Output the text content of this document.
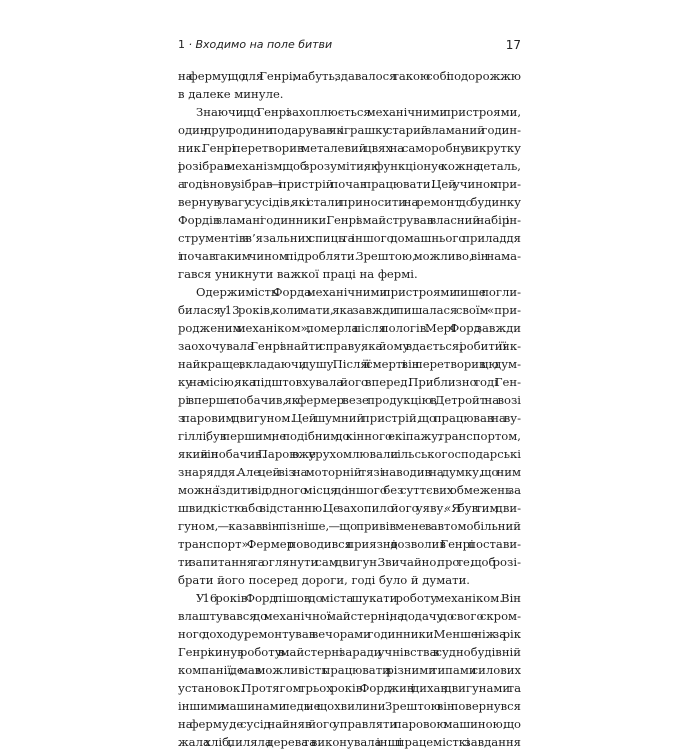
1 · Входимо на поле битви	17
на ферму, що для Генрі, мабуть, здавалося такою собі подорожжю
в далеке минуле.
Знаючи, що Генрі захоплюється механічними пристроями,
один друг родини подарував як іграшку старий зламаний годин-
ник. Генрі перетворив металевий цвях на саморобну викрутку
і розібрав механізм, щоб зрозуміти, як функціонує кожна деталь,
а тоді знову зібрав — і пристрій почав працювати. Цей учинок при-
вернув увагу сусідів, які стали приносити на ремонт до будинку
Фордів зламані годинники. Генрі змайстрував власний набір ін-
струментів з в’язальних спиць та іншого домашнього приладдя
і почав таким чином підробляти. Зрештою, можливо, він нама-
гався уникнути важкої праці на фермі.
Одержимість Форда механічними пристроями лише погли-
билася у 13 років, коли мати, яка завжди пишалася своїм «при-
родженим механіком», померла після пологів. Мері Форд завжди
заохочувала Генрі знайти справу, яка йому вдається, і робити її як-
найкраще, вкладаючи душу. Після її смерті він перетворив цю дум-
ку на місію, яка підштовхувала його вперед. Приблизно тоді Ген-
рі вперше побачив, як фермер везе продукцію в Детройт на возі
з паровим двигуном. Цей шумний пристрій, що працював на ву-
гіллі, був першим, не подібним до кінного екіпажу, транспортом,
який він побачив. Парою вже урухомлювали сільськогосподарські
знаряддя. Але цей віз на моторній тязі наводив на думку, що ним
можна їздити від одного місця до іншого без суттєвих обмежень за
швидкістю або відстанню. Це захопило його уяву. «Я був тим дви-
гуном, — казав він пізніше, — що привів мене в автомобільний
транспорт». Фермер поводився приязно і дозволив Генрі постави-
ти запитання та оглянути сам двигун. Звичайно, про те, щоб розі-
брати його посеред дороги, годі було й думати.
У 16 років Форд пішов до міста шукати роботу механіком. Він
влаштувався до механічної майстерні і, на додачу до свого скром-
ного доходу, ремонтував вечорами годинники. Менше ніж за рік
Генрі кинув роботу в майстерні заради учнівства в суднобудівній
компанії, де мав можливість працювати з різними типами силових
установок. Протягом трьох років Форд жив і дихав двигунами та
іншими машинами ледь не щохвилини. Зрештою він повернувся
на ферму, де сусід найняв його управляти паровою машиною, що
жала хліб, пиляла дерева та виконувала інші працемісткі завдання
